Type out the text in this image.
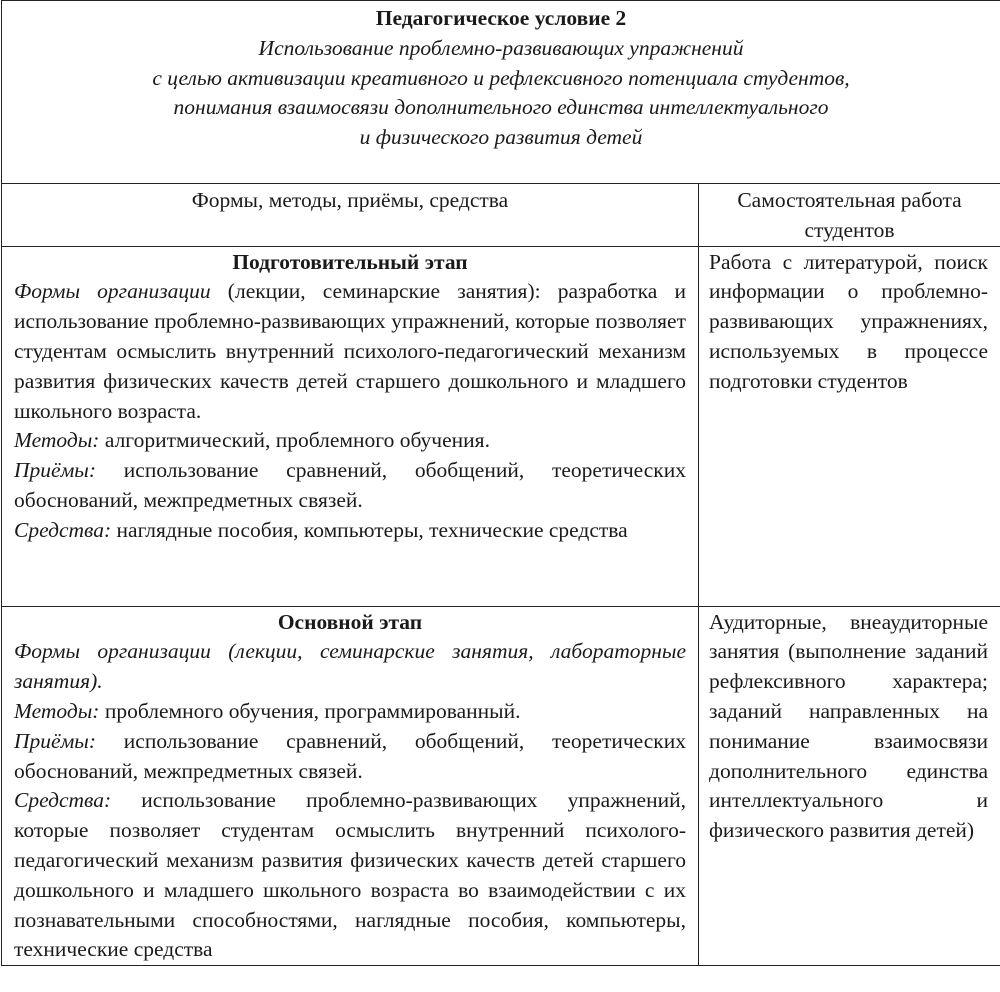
Педагогическое условие 2
Использование проблемно-развивающих упражнений
с целью активизации креативного и рефлексивного потенциала студентов,
понимания взаимосвязи дополнительного единства интеллектуального
и физического развития детей	

Формы, методы, приёмы, средства	Самостоятельная работа студентов

Подготовительный этап
Формы организации (лекции, семинарские занятия): разработка и использование проблемно-развивающих упражнений, которые позволяет студентам осмыслить внутренний психолого-педагогический механизм развития физических качеств детей старшего дошкольного и младшего школьного возраста.
Методы: алгоритмический, проблемного обучения.
Приёмы: использование сравнений, обобщений, теоретических обоснований, межпредметных связей.
Средства: наглядные пособия, компьютеры, технические средства	Работа с литературой, поиск информации о проблемно-развивающих упражнениях, используемых в процессе подготовки студентов

Основной этап
Формы организации (лекции, семинарские занятия, лабораторные занятия).
Методы: проблемного обучения, программированный.
Приёмы: использование сравнений, обобщений, теоретических обоснований, межпредметных связей.
Средства: использование проблемно-развивающих упражнений, которые позволяет студентам осмыслить внутренний психолого-педагогический механизм развития физических качеств детей старшего дошкольного и младшего школьного возраста во взаимодействии с их познавательными способностями, наглядные пособия, компьютеры, технические средства	Аудиторные, внеаудиторные занятия (выполнение заданий рефлексивного характера; заданий направленных на понимание взаимосвязи дополнительного единства интеллектуального и физического развития детей)
